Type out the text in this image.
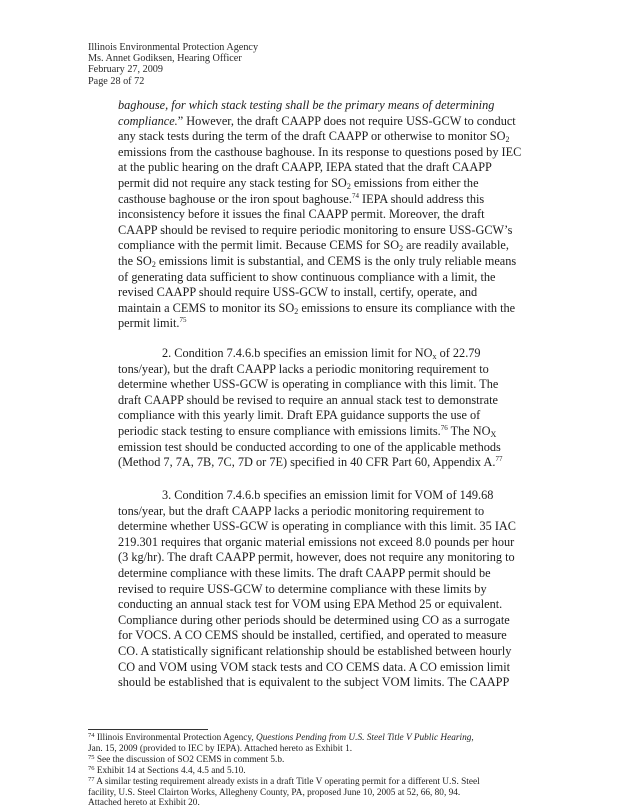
Illinois Environmental Protection Agency
Ms. Annet Godiksen, Hearing Officer
February 27, 2009
Page 28 of 72
baghouse, for which stack testing shall be the primary means of determining
compliance.” However, the draft CAAPP does not require USS-GCW to conduct
any stack tests during the term of the draft CAAPP or otherwise to monitor $SO_2$
emissions from the casthouse baghouse. In its response to questions posed by IEC
at the public hearing on the draft CAAPP, IEPA stated that the draft CAAPP
permit did not require any stack testing for $SO_2$ emissions from either the
casthouse baghouse or the iron spout baghouse.$^{74}$ IEPA should address this
inconsistency before it issues the final CAAPP permit. Moreover, the draft
CAAPP should be revised to require periodic monitoring to ensure USS-GCW’s
compliance with the permit limit. Because CEMS for $SO_2$ are readily available,
the $SO_2$ emissions limit is substantial, and CEMS is the only truly reliable means
of generating data sufficient to show continuous compliance with a limit, the
revised CAAPP should require USS-GCW to install, certify, operate, and
maintain a CEMS to monitor its $SO_2$ emissions to ensure its compliance with the
permit limit.$^{75}$
2. Condition 7.4.6.b specifies an emission limit for $NO_x$ of 22.79
tons/year), but the draft CAAPP lacks a periodic monitoring requirement to
determine whether USS-GCW is operating in compliance with this limit. The
draft CAAPP should be revised to require an annual stack test to demonstrate
compliance with this yearly limit. Draft EPA guidance supports the use of
periodic stack testing to ensure compliance with emissions limits.$^{76}$ The $NO_X$
emission test should be conducted according to one of the applicable methods
(Method 7, 7A, 7B, 7C, 7D or 7E) specified in 40 CFR Part 60, Appendix A.$^{77}$
3. Condition 7.4.6.b specifies an emission limit for VOM of 149.68
tons/year, but the draft CAAPP lacks a periodic monitoring requirement to
determine whether USS-GCW is operating in compliance with this limit. 35 IAC
219.301 requires that organic material emissions not exceed 8.0 pounds per hour
(3 kg/hr). The draft CAAPP permit, however, does not require any monitoring to
determine compliance with these limits. The draft CAAPP permit should be
revised to require USS-GCW to determine compliance with these limits by
conducting an annual stack test for VOM using EPA Method 25 or equivalent.
Compliance during other periods should be determined using CO as a surrogate
for VOCS. A CO CEMS should be installed, certified, and operated to measure
CO. A statistically significant relationship should be established between hourly
CO and VOM using VOM stack tests and CO CEMS data. A CO emission limit
should be established that is equivalent to the subject VOM limits. The CAAPP
$^{74}$ Illinois Environmental Protection Agency, Questions Pending from U.S. Steel Title V Public Hearing,
Jan. 15, 2009 (provided to IEC by IEPA). Attached hereto as Exhibit 1.
$^{75}$ See the discussion of SO2 CEMS in comment 5.b.
$^{76}$ Exhibit 14 at Sections 4.4, 4.5 and 5.10.
$^{77}$ A similar testing requirement already exists in a draft Title V operating permit for a different U.S. Steel
facility, U.S. Steel Clairton Works, Allegheny County, PA, proposed June 10, 2005 at 52, 66, 80, 94.
Attached hereto at Exhibit 20.
